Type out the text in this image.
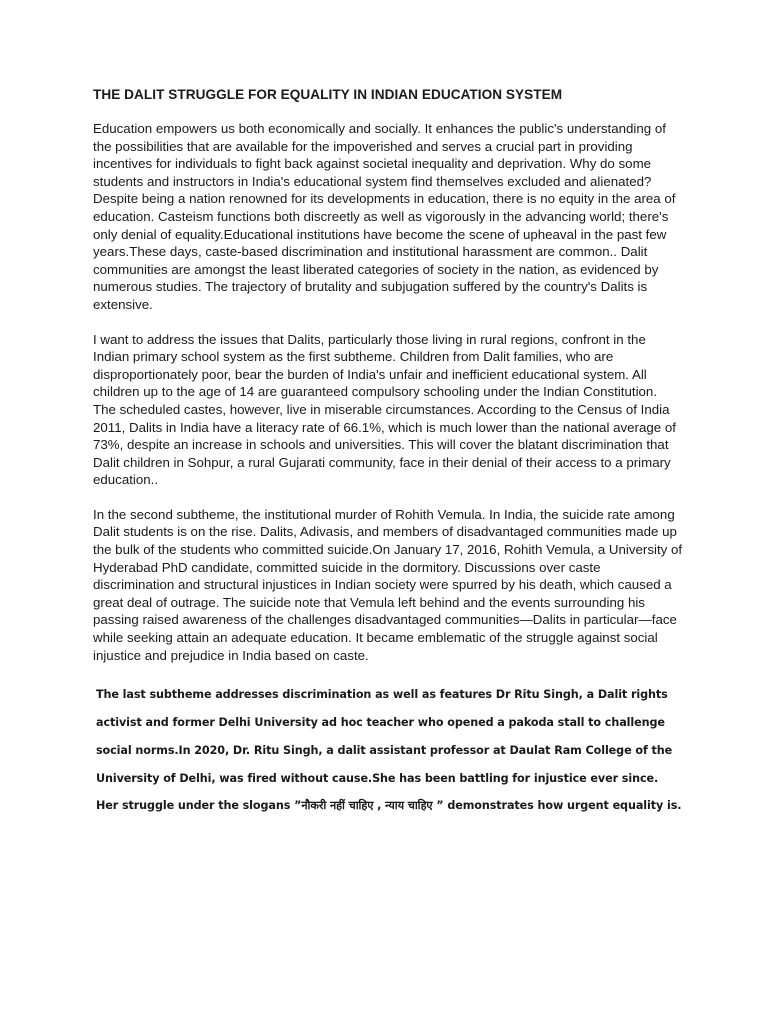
THE DALIT STRUGGLE FOR EQUALITY IN INDIAN EDUCATION SYSTEM

Education empowers us both economically and socially. It enhances the public's understanding of the possibilities that are available for the impoverished and serves a crucial part in providing incentives for individuals to fight back against societal inequality and deprivation. Why do some students and instructors in India's educational system find themselves excluded and alienated? Despite being a nation renowned for its developments in education, there is no equity in the area of education. Casteism functions both discreetly as well as vigorously in the advancing world; there's only denial of equality.Educational institutions have become the scene of upheaval in the past few years.These days, caste-based discrimination and institutional harassment are common.. Dalit communities are amongst the least liberated categories of society in the nation, as evidenced by numerous studies. The trajectory of brutality and subjugation suffered by the country's Dalits is extensive.

I want to address the issues that Dalits, particularly those living in rural regions, confront in the Indian primary school system as the first subtheme. Children from Dalit families, who are disproportionately poor, bear the burden of India's unfair and inefficient educational system. All children up to the age of 14 are guaranteed compulsory schooling under the Indian Constitution. The scheduled castes, however, live in miserable circumstances. According to the Census of India 2011, Dalits in India have a literacy rate of 66.1%, which is much lower than the national average of 73%, despite an increase in schools and universities. This will cover the blatant discrimination that Dalit children in Sohpur, a rural Gujarati community, face in their denial of their access to a primary education..

In the second subtheme, the institutional murder of Rohith Vemula. In India, the suicide rate among Dalit students is on the rise. Dalits, Adivasis, and members of disadvantaged communities made up the bulk of the students who committed suicide.On January 17, 2016, Rohith Vemula, a University of Hyderabad PhD candidate, committed suicide in the dormitory. Discussions over caste discrimination and structural injustices in Indian society were spurred by his death, which caused a great deal of outrage. The suicide note that Vemula left behind and the events surrounding his passing raised awareness of the challenges disadvantaged communities—Dalits in particular—face while seeking attain an adequate education. It became emblematic of the struggle against social injustice and prejudice in India based on caste.

The last subtheme addresses discrimination as well as features Dr Ritu Singh, a Dalit rights activist and former Delhi University ad hoc teacher who opened a pakoda stall to challenge social norms.In 2020, Dr. Ritu Singh, a dalit assistant professor at Daulat Ram College of the University of Delhi, was fired without cause.She has been battling for injustice ever since. Her struggle under the slogans ”नौकरी नहीं चाहिए , न्याय चाहिए ” demonstrates how urgent equality is.
